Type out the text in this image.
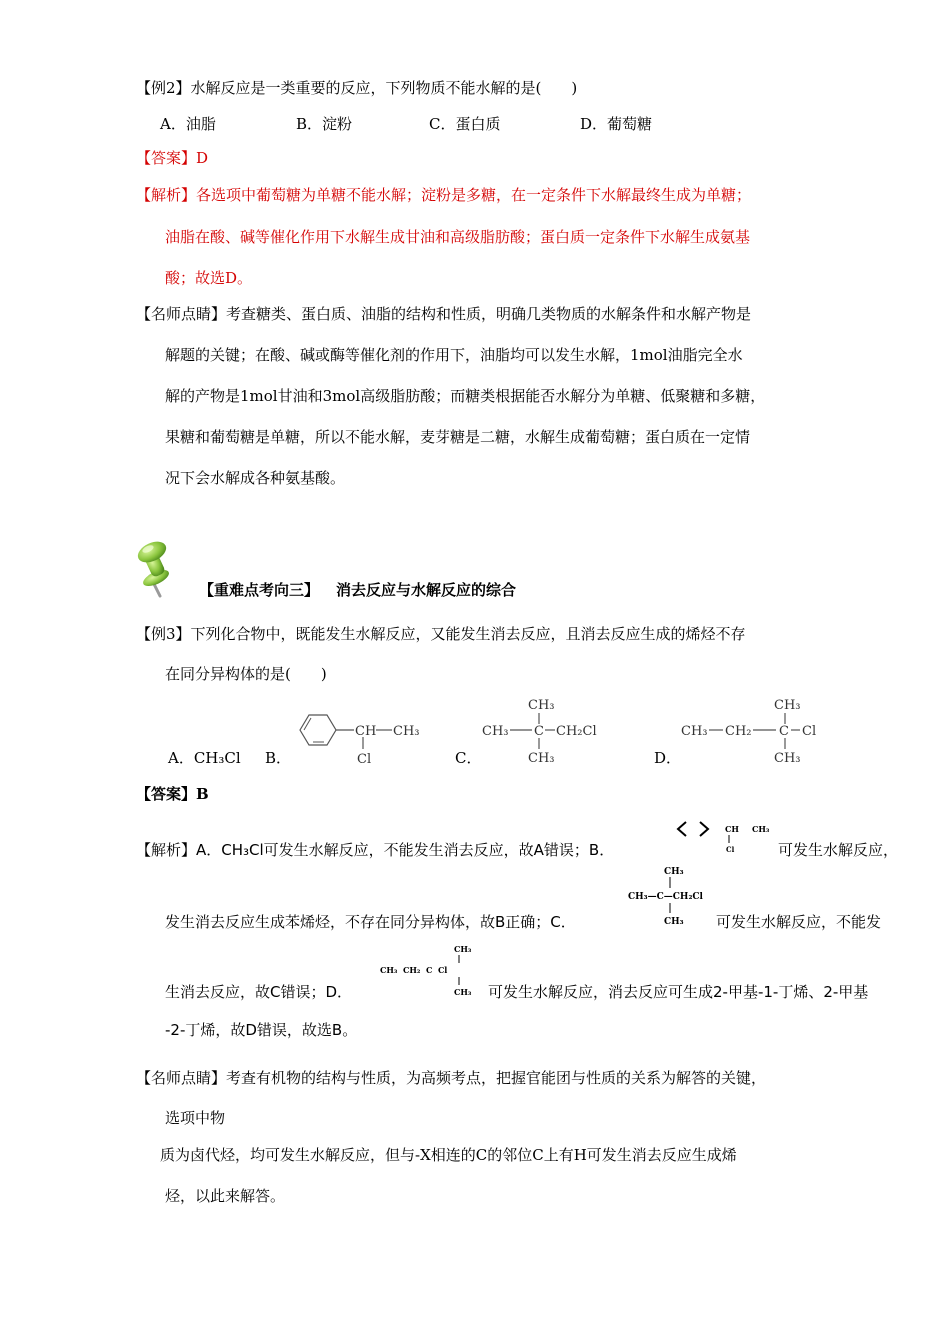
【例2】水解反应是一类重要的反应，下列物质不能水解的是(　　)
A．油脂	B．淀粉	C．蛋白质	D．葡萄糖
【答案】D
【解析】各选项中葡萄糖为单糖不能水解；淀粉是多糖，在一定条件下水解最终生成为单糖；
油脂在酸、碱等催化作用下水解生成甘油和高级脂肪酸；蛋白质一定条件下水解生成氨基
酸；故选D。
【名师点睛】考查糖类、蛋白质、油脂的结构和性质，明确几类物质的水解条件和水解产物是
解题的关键；在酸、碱或酶等催化剂的作用下，油脂均可以发生水解，1mol油脂完全水
解的产物是1mol甘油和3mol高级脂肪酸；而糖类根据能否水解分为单糖、低聚糖和多糖，
果糖和葡萄糖是单糖，所以不能水解，麦芽糖是二糖，水解生成葡萄糖；蛋白质在一定情
况下会水解成各种氨基酸。
【重难点考向三】 消去反应与水解反应的综合
【例3】下列化合物中，既能发生水解反应，又能发生消去反应，且消去反应生成的烯烃不存
在同分异构体的是(　　)
A．CH₃Cl B．	C．	D．
CH CH₃
Cl
CH₃
CH₃ C CH₂Cl
CH₃
CH₃
CH₃ CH₂ C Cl
CH₃
【答案】B
【解析】A．CH₃Cl可发生水解反应，不能发生消去反应，故A错误；B．
CH CH₃
Cl	可发生水解反应，
CH₃
CH₃—C—CH₂Cl
CH₃
发生消去反应生成苯烯烃，不存在同分异构体，故B正确；C．	可发生水解反应，不能发
CH₃
CH₃  CH₂  C  Cl
CH₃
生消去反应，故C错误；D．	可发生水解反应，消去反应可生成2-甲基-1-丁烯、2-甲基
-2-丁烯，故D错误，故选B。
【名师点睛】考查有机物的结构与性质，为高频考点，把握官能团与性质的关系为解答的关键，
选项中物
质为卤代烃，均可发生水解反应，但与-X相连的C的邻位C上有H可发生消去反应生成烯
烃，以此来解答。
